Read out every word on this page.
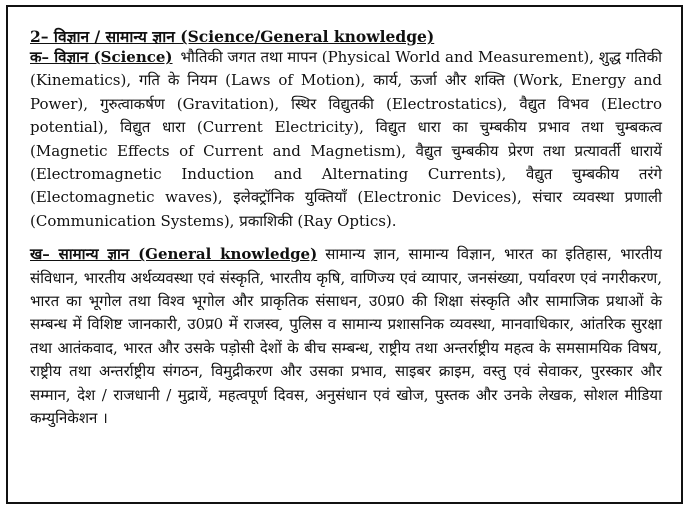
2– विज्ञान / सामान्य ज्ञान (Science/General knowledge)

क– विज्ञान (Science) भौतिकी जगत तथा मापन (Physical World and Measurement), शुद्ध गतिकी (Kinematics), गति के नियम (Laws of Motion), कार्य, ऊर्जा और शक्ति (Work, Energy and Power), गुरुत्वाकर्षण (Gravitation), स्थिर विद्युतकी (Electrostatics), वैद्युत विभव (Electro potential), विद्युत धारा (Current Electricity), विद्युत धारा का चुम्बकीय प्रभाव तथा चुम्बकत्व (Magnetic Effects of Current and Magnetism), वैद्युत चुम्बकीय प्रेरण तथा प्रत्यावर्ती धारायें (Electromagnetic Induction and Alternating Currents), वैद्युत चुम्बकीय तरंगे (Electomagnetic waves), इलेक्ट्रॉनिक युक्तियॉं (Electronic Devices), संचार व्यवस्था प्रणाली (Communication Systems), प्रकाशिकी (Ray Optics).

ख– सामान्य ज्ञान (General knowledge) सामान्य ज्ञान, सामान्य विज्ञान, भारत का इतिहास, भारतीय संविधान, भारतीय अर्थव्यवस्था एवं संस्कृति, भारतीय कृषि, वाणिज्य एवं व्यापार, जनसंख्या, पर्यावरण एवं नगरीकरण, भारत का भूगोल तथा विश्व भूगोल और प्राकृतिक संसाधन, उ0प्र0 की शिक्षा संस्कृति और सामाजिक प्रथाओं के सम्बन्ध में विशिष्ट जानकारी, उ0प्र0 में राजस्व, पुलिस व सामान्य प्रशासनिक व्यवस्था, मानवाधिकार, आंतरिक सुरक्षा तथा आतंकवाद, भारत और उसके पड़ोसी देशों के बीच सम्बन्ध, राष्ट्रीय तथा अन्तर्राष्ट्रीय महत्व के समसामयिक विषय, राष्ट्रीय तथा अन्तर्राष्ट्रीय संगठन, विमुद्रीकरण और उसका प्रभाव, साइबर क्राइम, वस्तु एवं सेवाकर, पुरस्कार और सम्मान, देश / राजधानी / मुद्रायें, महत्वपूर्ण दिवस, अनुसंधान एवं खोज, पुस्तक और उनके लेखक, सोशल मीडिया कम्युनिकेशन ।
